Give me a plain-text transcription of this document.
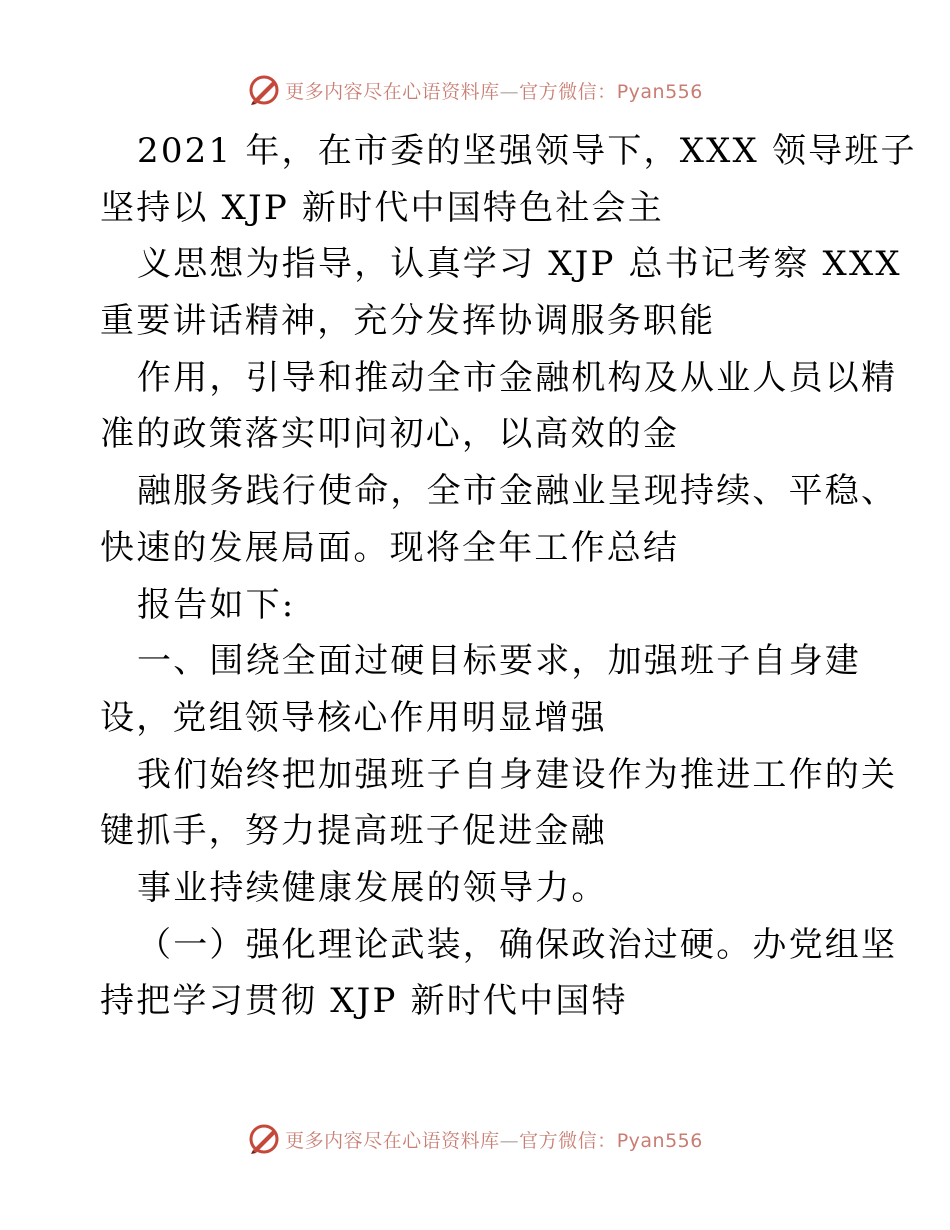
更多内容尽在心语资料库—官方微信：Pyan556
2021 年，在市委的坚强领导下，XXX 领导班子
坚持以 XJP 新时代中国特色社会主
义思想为指导，认真学习 XJP 总书记考察 XXX
重要讲话精神，充分发挥协调服务职能
作用，引导和推动全市金融机构及从业人员以精
准的政策落实叩问初心，以高效的金
融服务践行使命，全市金融业呈现持续、平稳、
快速的发展局面。现将全年工作总结
报告如下:
一、围绕全面过硬目标要求，加强班子自身建
设，党组领导核心作用明显增强
我们始终把加强班子自身建设作为推进工作的关
键抓手，努力提高班子促进金融
事业持续健康发展的领导力。
（一）强化理论武装，确保政治过硬。办党组坚
持把学习贯彻 XJP 新时代中国特
更多内容尽在心语资料库—官方微信：Pyan556
